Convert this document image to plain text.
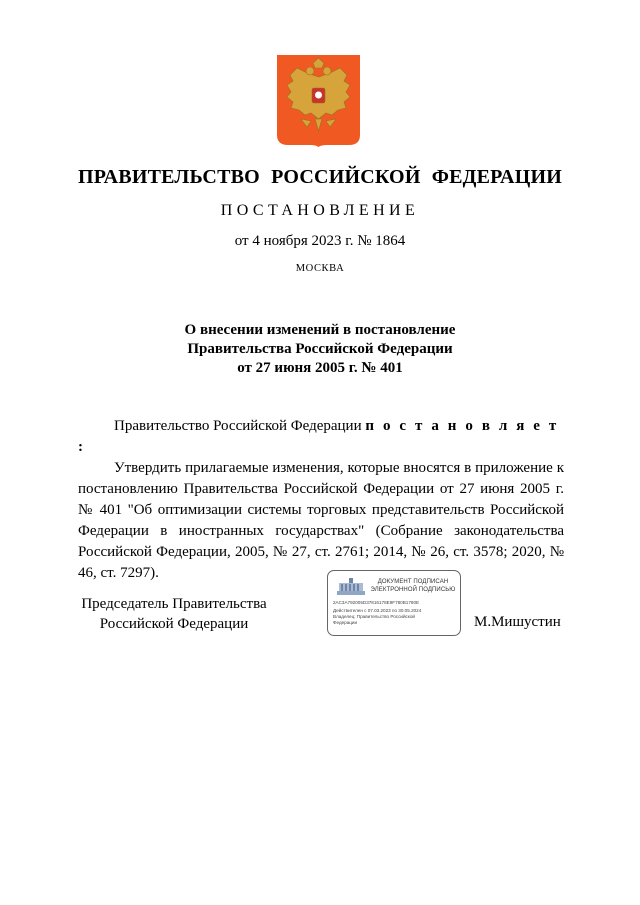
ПРАВИТЕЛЬСТВО РОССИЙСКОЙ ФЕДЕРАЦИИ
ПОСТАНОВЛЕНИЕ
от 4 ноября 2023 г. № 1864
МОСКВА
О внесении изменений в постановление
Правительства Российской Федерации
от 27 июня 2005 г. № 401
Правительство Российской Федерации п о с т а н о в л я е т :
Утвердить прилагаемые изменения, которые вносятся в приложение к постановлению Правительства Российской Федерации от 27 июня 2005 г. № 401 "Об оптимизации системы торговых представительств Российской Федерации в иностранных государствах" (Собрание законодательства Российской Федерации, 2005, № 27, ст. 2761; 2014, № 26, ст. 3578; 2020, № 46, ст. 7297).
Председатель Правительства
Российской Федерации
ДОКУМЕНТ ПОДПИСАН
ЭЛЕКТРОННОЙ ПОДПИСЬЮ
2AC3A792005D37816178E9F780B1780E
Действителен с 07.03.2023 по 30.05.2024
Владелец: Правительство Российской
Федерации	М.Мишустин
